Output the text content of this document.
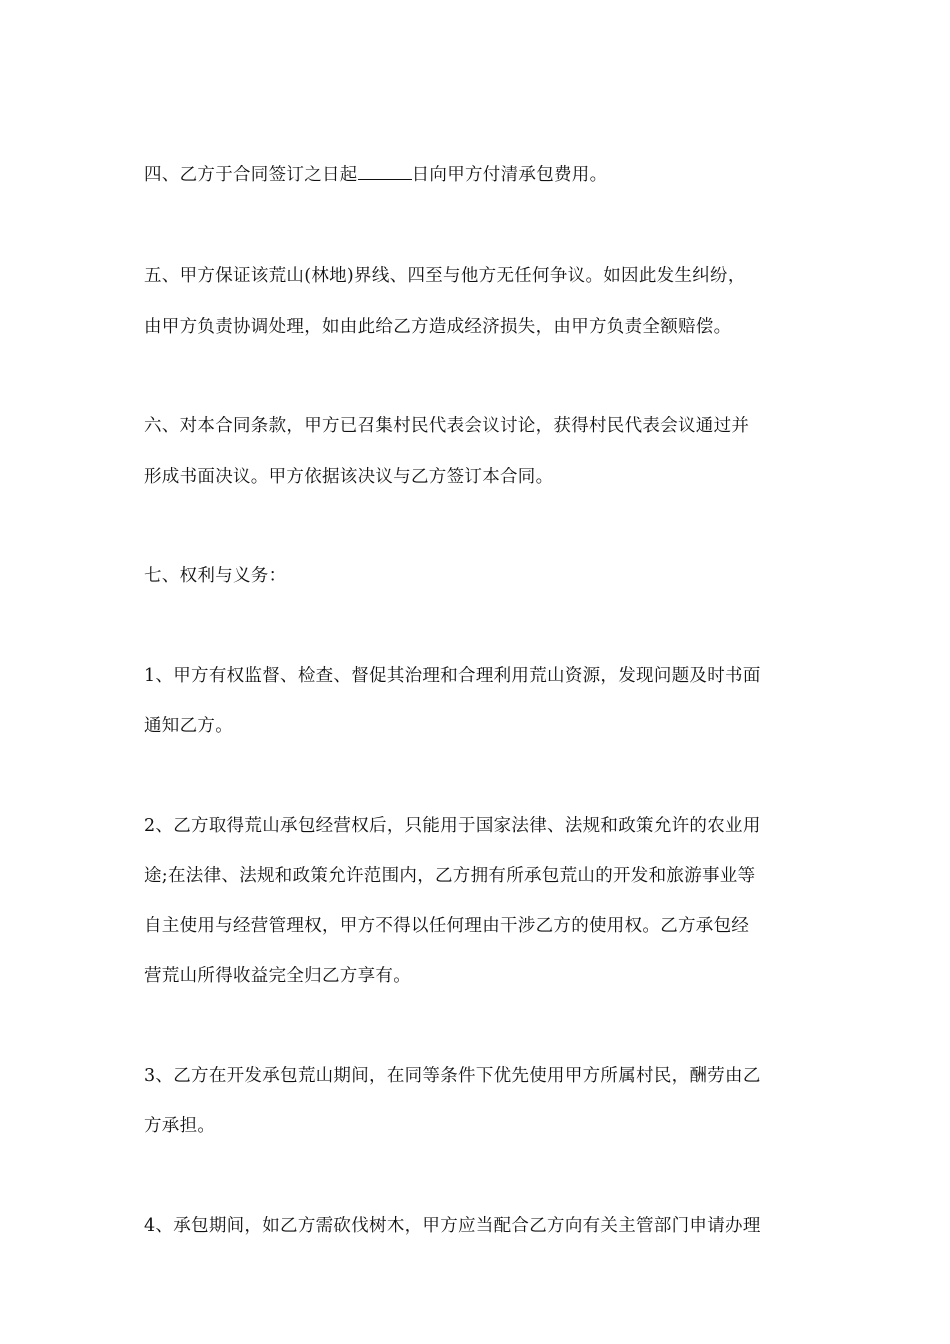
四、乙方于合同签订之日起	日向甲方付清承包费用。
五、甲方保证该荒山(林地)界线、四至与他方无任何争议。如因此发生纠纷，
由甲方负责协调处理，如由此给乙方造成经济损失，由甲方负责全额赔偿。
六、对本合同条款，甲方已召集村民代表会议讨论，获得村民代表会议通过并
形成书面决议。甲方依据该决议与乙方签订本合同。
七、权利与义务：
1、甲方有权监督、检查、督促其治理和合理利用荒山资源，发现问题及时书面
通知乙方。
2、乙方取得荒山承包经营权后，只能用于国家法律、法规和政策允许的农业用
途;在法律、法规和政策允许范围内，乙方拥有所承包荒山的开发和旅游事业等
自主使用与经营管理权，甲方不得以任何理由干涉乙方的使用权。乙方承包经
营荒山所得收益完全归乙方享有。
3、乙方在开发承包荒山期间，在同等条件下优先使用甲方所属村民，酬劳由乙
方承担。
4、承包期间，如乙方需砍伐树木，甲方应当配合乙方向有关主管部门申请办理
